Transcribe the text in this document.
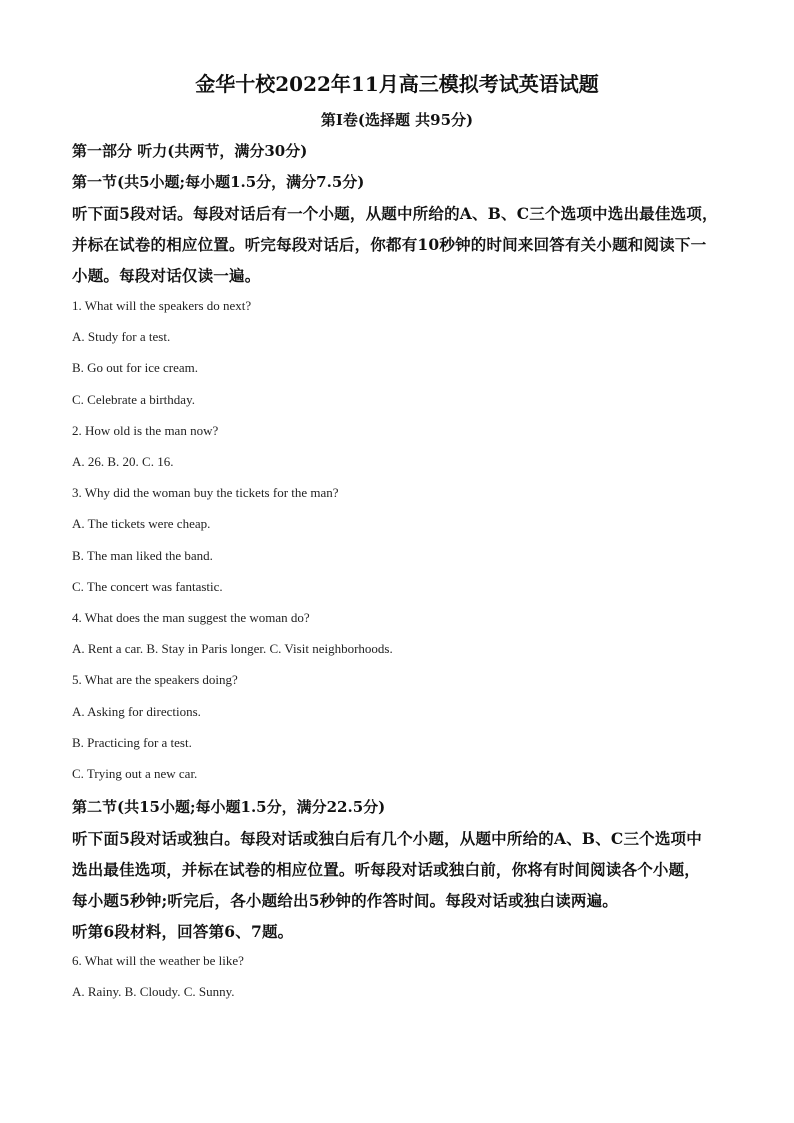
金华十校2022年11月高三模拟考试英语试题
第I卷(选择题 共95分)
第一部分 听力(共两节，满分30分)
第一节(共5小题;每小题1.5分，满分7.5分)
听下面5段对话。每段对话后有一个小题，从题中所给的A、B、C三个选项中选出最佳选项，
并标在试卷的相应位置。听完每段对话后，你都有10秒钟的时间来回答有关小题和阅读下一
小题。每段对话仅读一遍。
1. What will the speakers do next?
A. Study for a test.
B. Go out for ice cream.
C. Celebrate a birthday.
2. How old is the man now?
A. 26. B. 20. C. 16.
3. Why did the woman buy the tickets for the man?
A. The tickets were cheap.
B. The man liked the band.
C. The concert was fantastic.
4. What does the man suggest the woman do?
A. Rent a car. B. Stay in Paris longer. C. Visit neighborhoods.
5. What are the speakers doing?
A. Asking for directions.
B. Practicing for a test.
C. Trying out a new car.
第二节(共15小题;每小题1.5分，满分22.5分)
听下面5段对话或独白。每段对话或独白后有几个小题，从题中所给的A、B、C三个选项中
选出最佳选项，并标在试卷的相应位置。听每段对话或独白前，你将有时间阅读各个小题，
每小题5秒钟;听完后，各小题给出5秒钟的作答时间。每段对话或独白读两遍。
听第6段材料，回答第6、7题。
6. What will the weather be like?
A. Rainy. B. Cloudy. C. Sunny.
